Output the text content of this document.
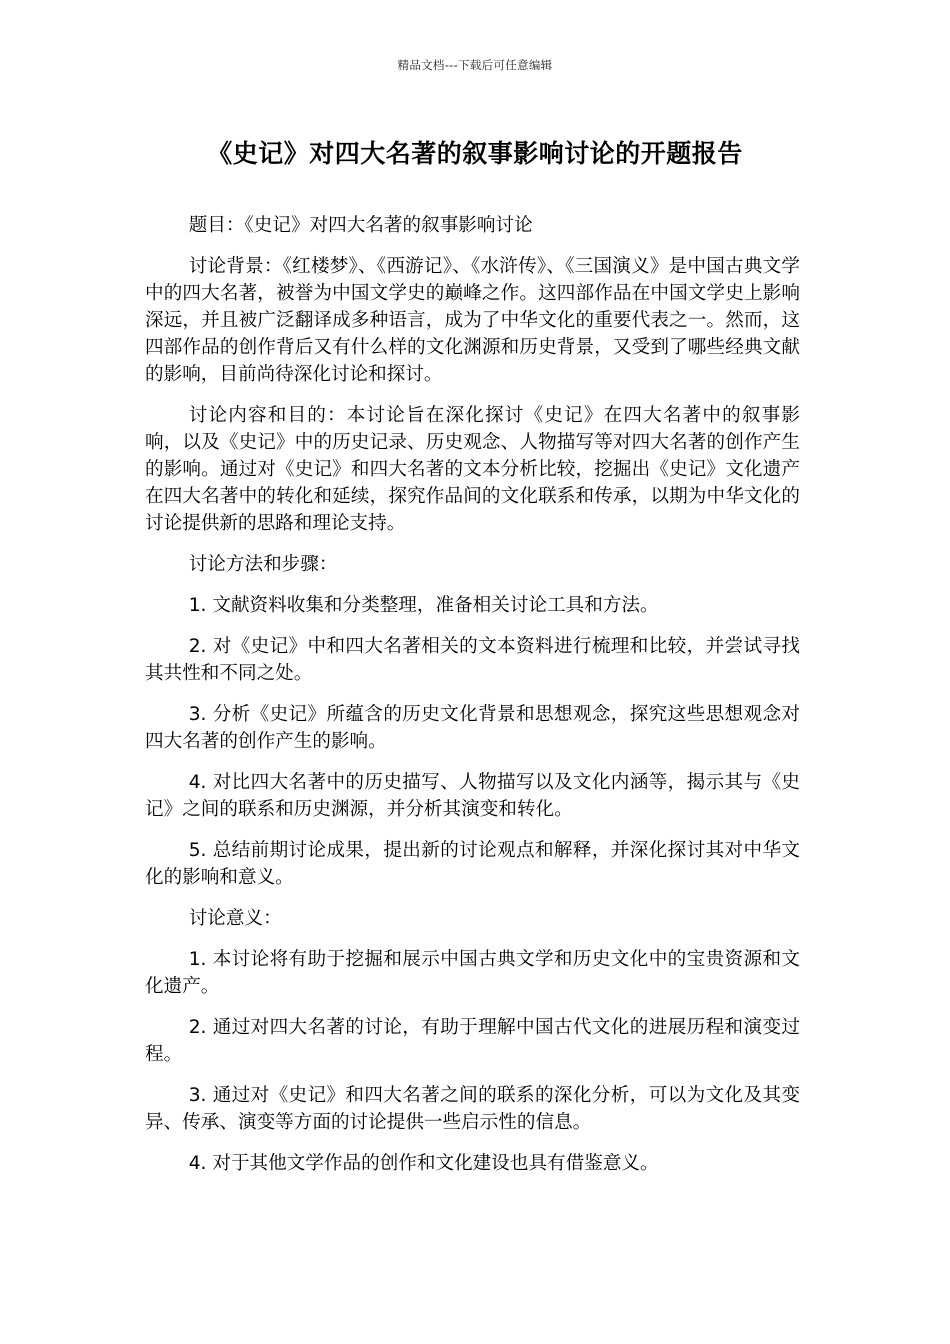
精品文档---下载后可任意编辑
《史记》对四大名著的叙事影响讨论的开题报告

题目：《史记》对四大名著的叙事影响讨论

讨论背景：《红楼梦》、《西游记》、《水浒传》、《三国演义》是中国古典文学中的四大名著，被誉为中国文学史的巅峰之作。这四部作品在中国文学史上影响深远，并且被广泛翻译成多种语言，成为了中华文化的重要代表之一。然而，这四部作品的创作背后又有什么样的文化渊源和历史背景，又受到了哪些经典文献的影响，目前尚待深化讨论和探讨。

讨论内容和目的：本讨论旨在深化探讨《史记》在四大名著中的叙事影响，以及《史记》中的历史记录、历史观念、人物描写等对四大名著的创作产生的影响。通过对《史记》和四大名著的文本分析比较，挖掘出《史记》文化遗产在四大名著中的转化和延续，探究作品间的文化联系和传承，以期为中华文化的讨论提供新的思路和理论支持。

讨论方法和步骤：

1. 文献资料收集和分类整理，准备相关讨论工具和方法。

2. 对《史记》中和四大名著相关的文本资料进行梳理和比较，并尝试寻找其共性和不同之处。

3. 分析《史记》所蕴含的历史文化背景和思想观念，探究这些思想观念对四大名著的创作产生的影响。

4. 对比四大名著中的历史描写、人物描写以及文化内涵等，揭示其与《史记》之间的联系和历史渊源，并分析其演变和转化。

5. 总结前期讨论成果，提出新的讨论观点和解释，并深化探讨其对中华文化的影响和意义。

讨论意义：

1. 本讨论将有助于挖掘和展示中国古典文学和历史文化中的宝贵资源和文化遗产。

2. 通过对四大名著的讨论，有助于理解中国古代文化的进展历程和演变过程。

3. 通过对《史记》和四大名著之间的联系的深化分析，可以为文化及其变异、传承、演变等方面的讨论提供一些启示性的信息。

4. 对于其他文学作品的创作和文化建设也具有借鉴意义。
